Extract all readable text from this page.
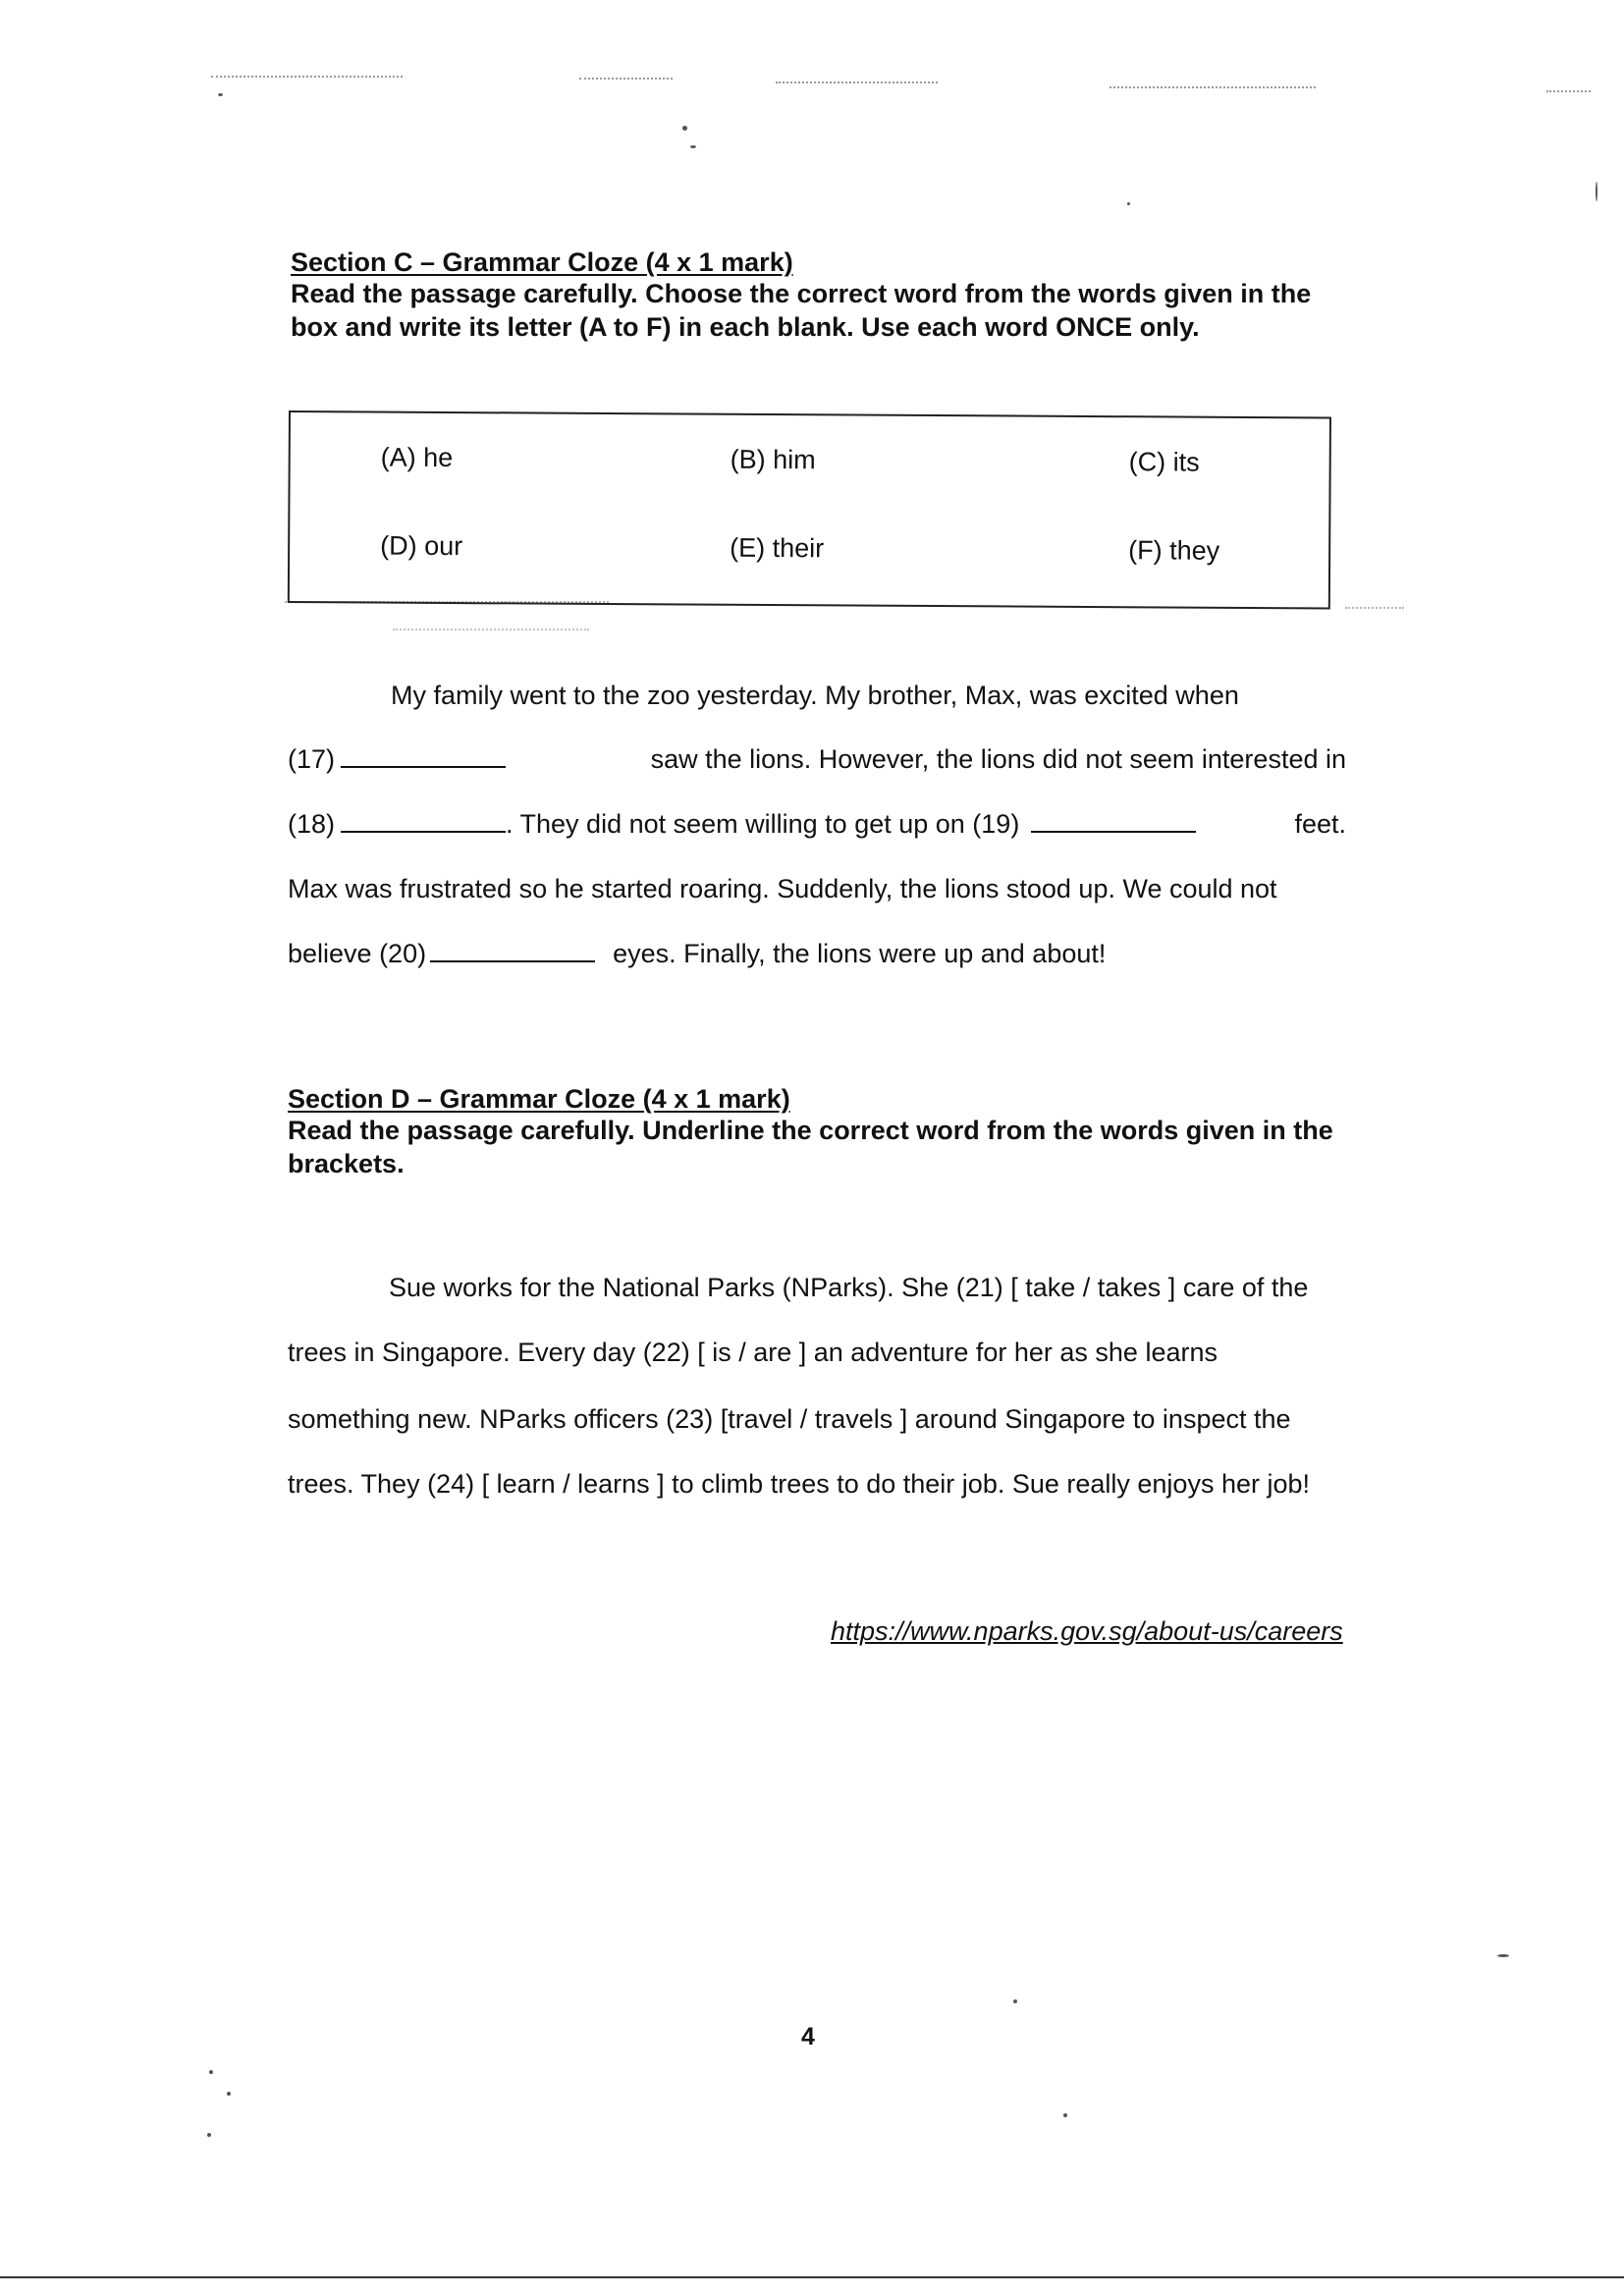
Section C – Grammar Cloze (4 x 1 mark)
Read the passage carefully. Choose the correct word from the words given in the box and write its letter (A to F) in each blank. Use each word ONCE only.
(A) he	(B) him	(C) its
(D) our	(E) their	(F) they
My family went to the zoo yesterday. My brother, Max, was excited when
(17)	saw the lions. However, the lions did not seem interested in
(18)	. They did not seem willing to get up on (19)	feet.
Max was frustrated so he started roaring. Suddenly, the lions stood up. We could not
believe (20)	eyes. Finally, the lions were up and about!
Section D – Grammar Cloze (4 x 1 mark)
Read the passage carefully. Underline the correct word from the words given in the brackets.
Sue works for the National Parks (NParks). She (21) [ take / takes ] care of the
trees in Singapore. Every day (22) [ is / are ] an adventure for her as she learns
something new. NParks officers (23) [travel / travels ] around Singapore to inspect the
trees. They (24) [ learn / learns ] to climb trees to do their job. Sue really enjoys her job!
https://www.nparks.gov.sg/about-us/careers
4
